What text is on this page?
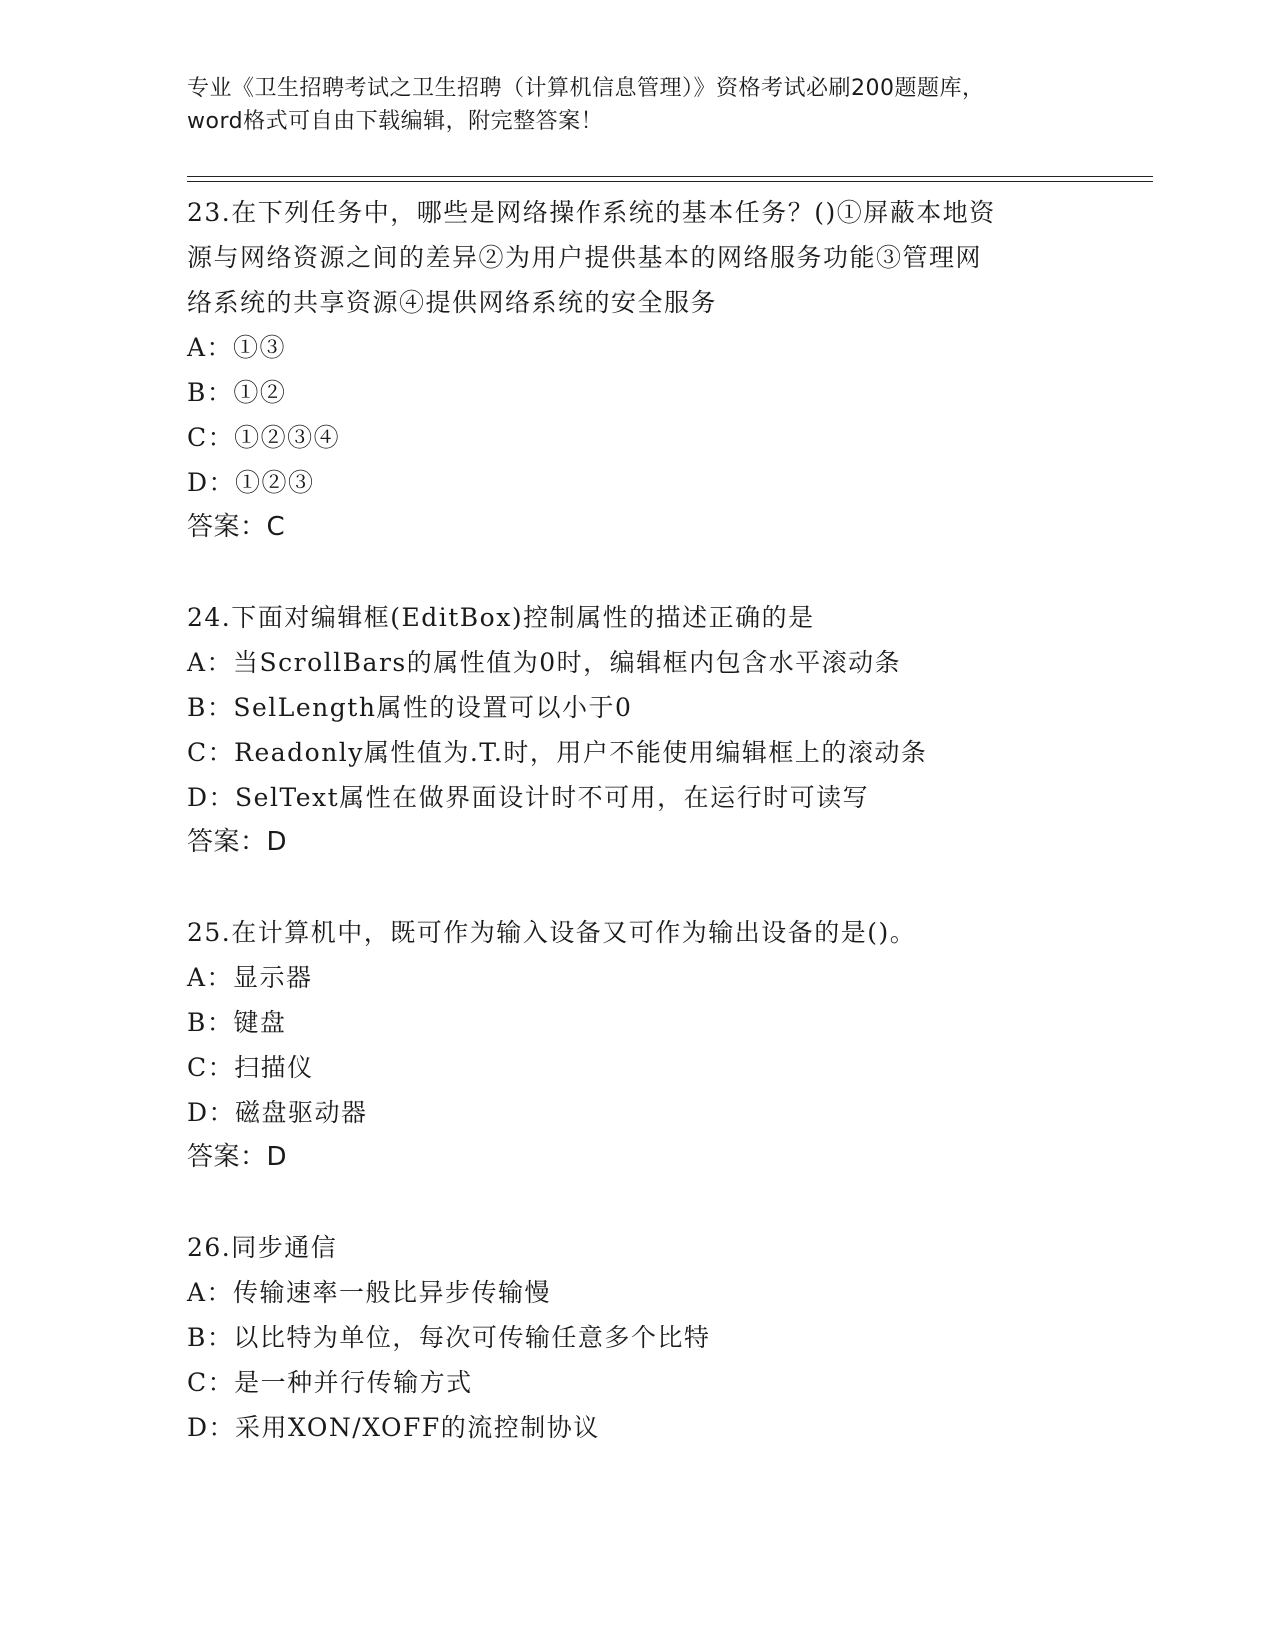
专业《卫生招聘考试之卫生招聘（计算机信息管理）》资格考试必刷200题题库，
word格式可自由下载编辑，附完整答案！
23.在下列任务中，哪些是网络操作系统的基本任务？()①屏蔽本地资
源与网络资源之间的差异②为用户提供基本的网络服务功能③管理网
络系统的共享资源④提供网络系统的安全服务
A：①③
B：①②
C：①②③④
D：①②③
答案：C
24.下面对编辑框(EditBox)控制属性的描述正确的是
A：当ScrollBars的属性值为0时，编辑框内包含水平滚动条
B：SelLength属性的设置可以小于0
C：Readonly属性值为.T.时，用户不能使用编辑框上的滚动条
D：SelText属性在做界面设计时不可用，在运行时可读写
答案：D
25.在计算机中，既可作为输入设备又可作为输出设备的是()。
A：显示器
B：键盘
C：扫描仪
D：磁盘驱动器
答案：D
26.同步通信
A：传输速率一般比异步传输慢
B：以比特为单位，每次可传输任意多个比特
C：是一种并行传输方式
D：采用XON/XOFF的流控制协议
